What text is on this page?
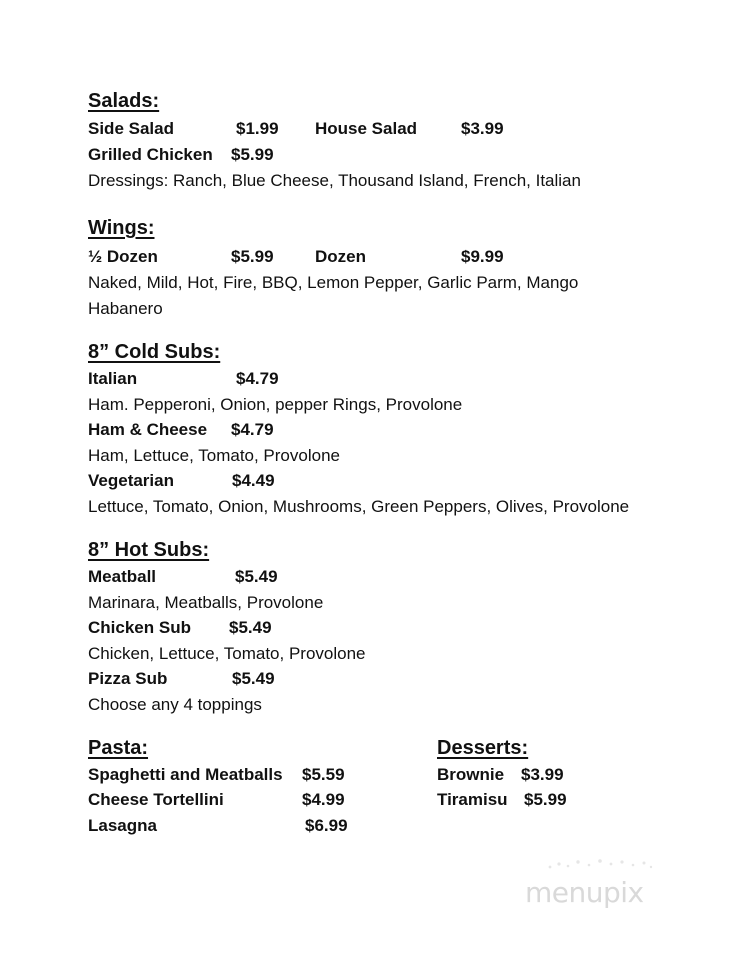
Salads:
Side Salad	$1.99 House Salad	$3.99
Grilled Chicken $5.99
Dressings: Ranch, Blue Cheese, Thousand Island, French, Italian
Wings:
½ Dozen	$5.99 Dozen	$9.99
Naked, Mild, Hot, Fire, BBQ, Lemon Pepper, Garlic Parm, Mango
Habanero
8” Cold Subs:
Italian	$4.79
Ham. Pepperoni, Onion, pepper Rings, Provolone
Ham & Cheese $4.79
Ham, Lettuce, Tomato, Provolone
Vegetarian	$4.49
Lettuce, Tomato, Onion, Mushrooms, Green Peppers, Olives, Provolone
8” Hot Subs:
Meatball	$5.49
Marinara, Meatballs, Provolone
Chicken Sub $5.49
Chicken, Lettuce, Tomato, Provolone
Pizza Sub	$5.49
Choose any 4 toppings
Pasta:
Spaghetti and Meatballs $5.59
Cheese Tortellini	$4.99
Lasagna	$6.99
Desserts:
Brownie $3.99
Tiramisu $5.99
menupix
